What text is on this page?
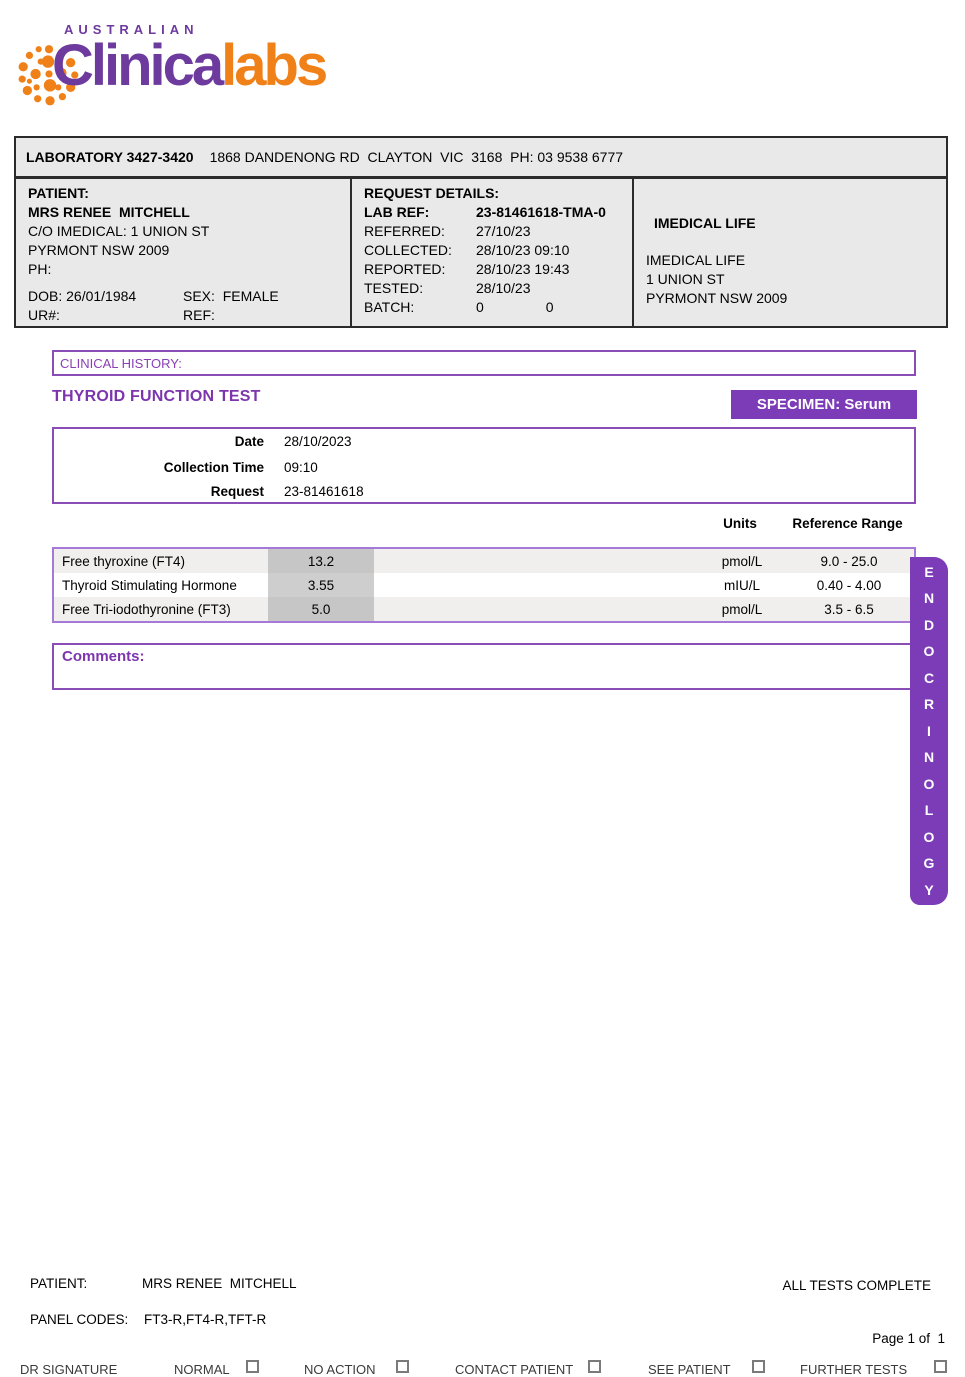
AUSTRALIAN
Clinicalabs
LABORATORY 3427-3420 1868 DANDENONG RD  CLAYTON  VIC  3168  PH: 03 9538 6777
PATIENT:
MRS RENEE  MITCHELL
C/O IMEDICAL: 1 UNION ST
PYRMONT NSW 2009
PH:
DOB: 26/01/1984	SEX: FEMALE
UR#:	REF:
REQUEST DETAILS:
LAB REF:	23-81461618-TMA-0
REFERRED:	27/10/23
COLLECTED:	28/10/23 09:10
REPORTED:	28/10/23 19:43
TESTED:	28/10/23
BATCH:	0	0
IMEDICAL LIFE
IMEDICAL LIFE
1 UNION ST
PYRMONT NSW 2009
CLINICAL HISTORY:
THYROID FUNCTION TEST	SPECIMEN: Serum
Date 28/10/2023
Collection Time 09:10
Request 23-81461618
Units	Reference Range
Free thyroxine (FT4)	13.2	pmol/L	9.0 - 25.0
Thyroid Stimulating Hormone	3.55	mIU/L	0.40 - 4.00
Free Tri-iodothyronine (FT3)	5.0	pmol/L	3.5 - 6.5
Comments:
E
N
D
O
C
R
I
N
O
L
O
G
Y
PATIENT:	MRS RENEE  MITCHELL	ALL TESTS COMPLETE
PANEL CODES: FT3-R,FT4-R,TFT-R
Page 1 of  1
DR SIGNATURE	NORMAL	NO ACTION	CONTACT PATIENT	SEE PATIENT	FURTHER TESTS
